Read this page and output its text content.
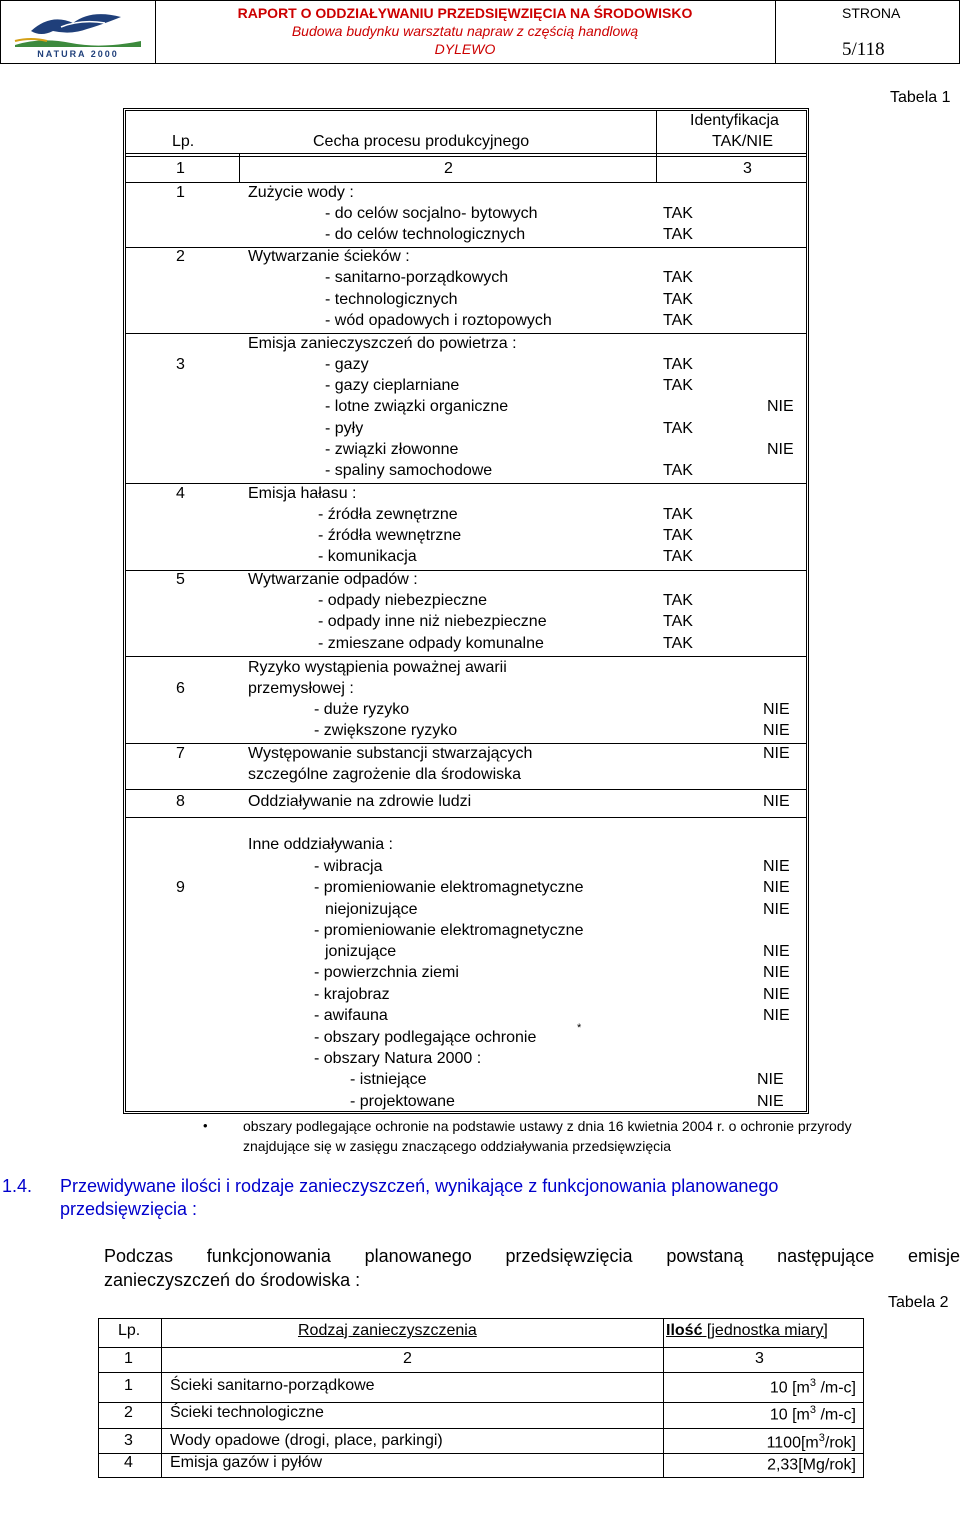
NATURA 2000
RAPORT O ODDZIAŁYWANIU PRZEDSIĘWZIĘCIA NA ŚRODOWISKO
Budowa budynku warsztatu napraw z częścią handlową
DYLEWO
STRONA
5/118
Tabela 1
Lp.	Cecha procesu produkcyjnego
Identyfikacja
TAK/NIE
1	2	3
1	Zużycie wody :
- do celów socjalno- bytowych	TAK
- do celów technologicznych	TAK
2	Wytwarzanie ścieków :
- sanitarno-porządkowych	TAK
- technologicznych	TAK
- wód opadowych i roztopowych	TAK
Emisja zanieczyszczeń do powietrza :
3	- gazy	TAK
- gazy cieplarniane	TAK
- lotne związki organiczne	NIE
- pyły	TAK
- związki złowonne	NIE
- spaliny samochodowe	TAK
4	Emisja hałasu :
- źródła zewnętrzne	TAK
- źródła wewnętrzne	TAK
- komunikacja	TAK
5	Wytwarzanie odpadów :
- odpady niebezpieczne	TAK
- odpady inne niż niebezpieczne	TAK
- zmieszane odpady komunalne	TAK
Ryzyko wystąpienia poważnej awarii
6	przemysłowej :
- duże ryzyko	NIE
- zwiększone ryzyko	NIE
7	Występowanie substancji stwarzających	NIE
szczególne zagrożenie dla środowiska
8	Oddziaływanie na zdrowie ludzi	NIE
Inne oddziaływania :
- wibracja	NIE
9	- promieniowanie elektromagnetyczne	NIE
niejonizujące	NIE
- promieniowanie elektromagnetyczne
jonizujące	NIE
- powierzchnia ziemi	NIE
- krajobraz	NIE
- awifauna	NIE
- obszary podlegające ochronie
*
- obszary Natura 2000 :
- istniejące	NIE
- projektowane	NIE
•	obszary podlegające ochronie na podstawie ustawy z dnia 16 kwietnia 2004 r. o ochronie przyrody
znajdujące się w zasięgu znaczącego oddziaływania przedsięwzięcia
1.4. Przewidywane ilości i rodzaje zanieczyszczeń, wynikające z funkcjonowania planowanego
przedsięwzięcia :
Podczas funkcjonowania planowanego przedsięwzięcia powstaną następujące emisje
zanieczyszczeń do środowiska :
Tabela 2
Lp.	Rodzaj zanieczyszczenia	Ilość [jednostka miary]
1	2	3
1 Ścieki sanitarno-porządkowe	10 [$m^3$ /m-c]
2 Ścieki technologiczne	10 [$m^3$ /m-c]
3 Wody opadowe (drogi, place, parkingi)	$1100[m^3/rok]$
4 Emisja gazów i pyłów	2,33[Mg/rok]
